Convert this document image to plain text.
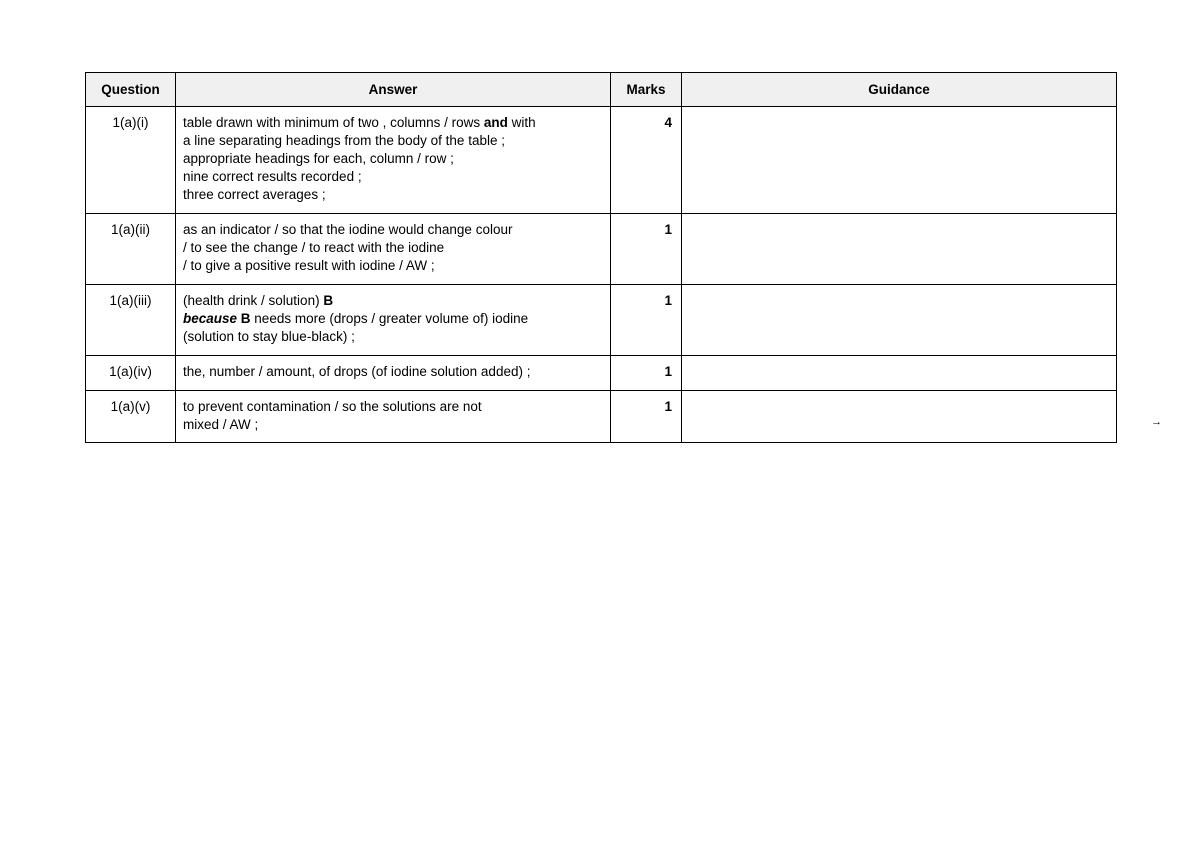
Question	Answer	Marks	Guidance
1(a)(i)	table drawn with minimum of two , columns / rows and with
a line separating headings from the body of the table ;
appropriate headings for each, column / row ;
nine correct results recorded ;
three correct averages ;	4	
1(a)(ii)	as an indicator / so that the iodine would change colour
/ to see the change / to react with the iodine
/ to give a positive result with iodine / AW ;	1	
1(a)(iii)	(health drink / solution) B
because B needs more (drops / greater volume of) iodine
(solution to stay blue-black) ;	1	
1(a)(iv)	the, number / amount, of drops (of iodine solution added) ;	1	
1(a)(v)	to prevent contamination / so the solutions are not
mixed / AW ;	1	
→
